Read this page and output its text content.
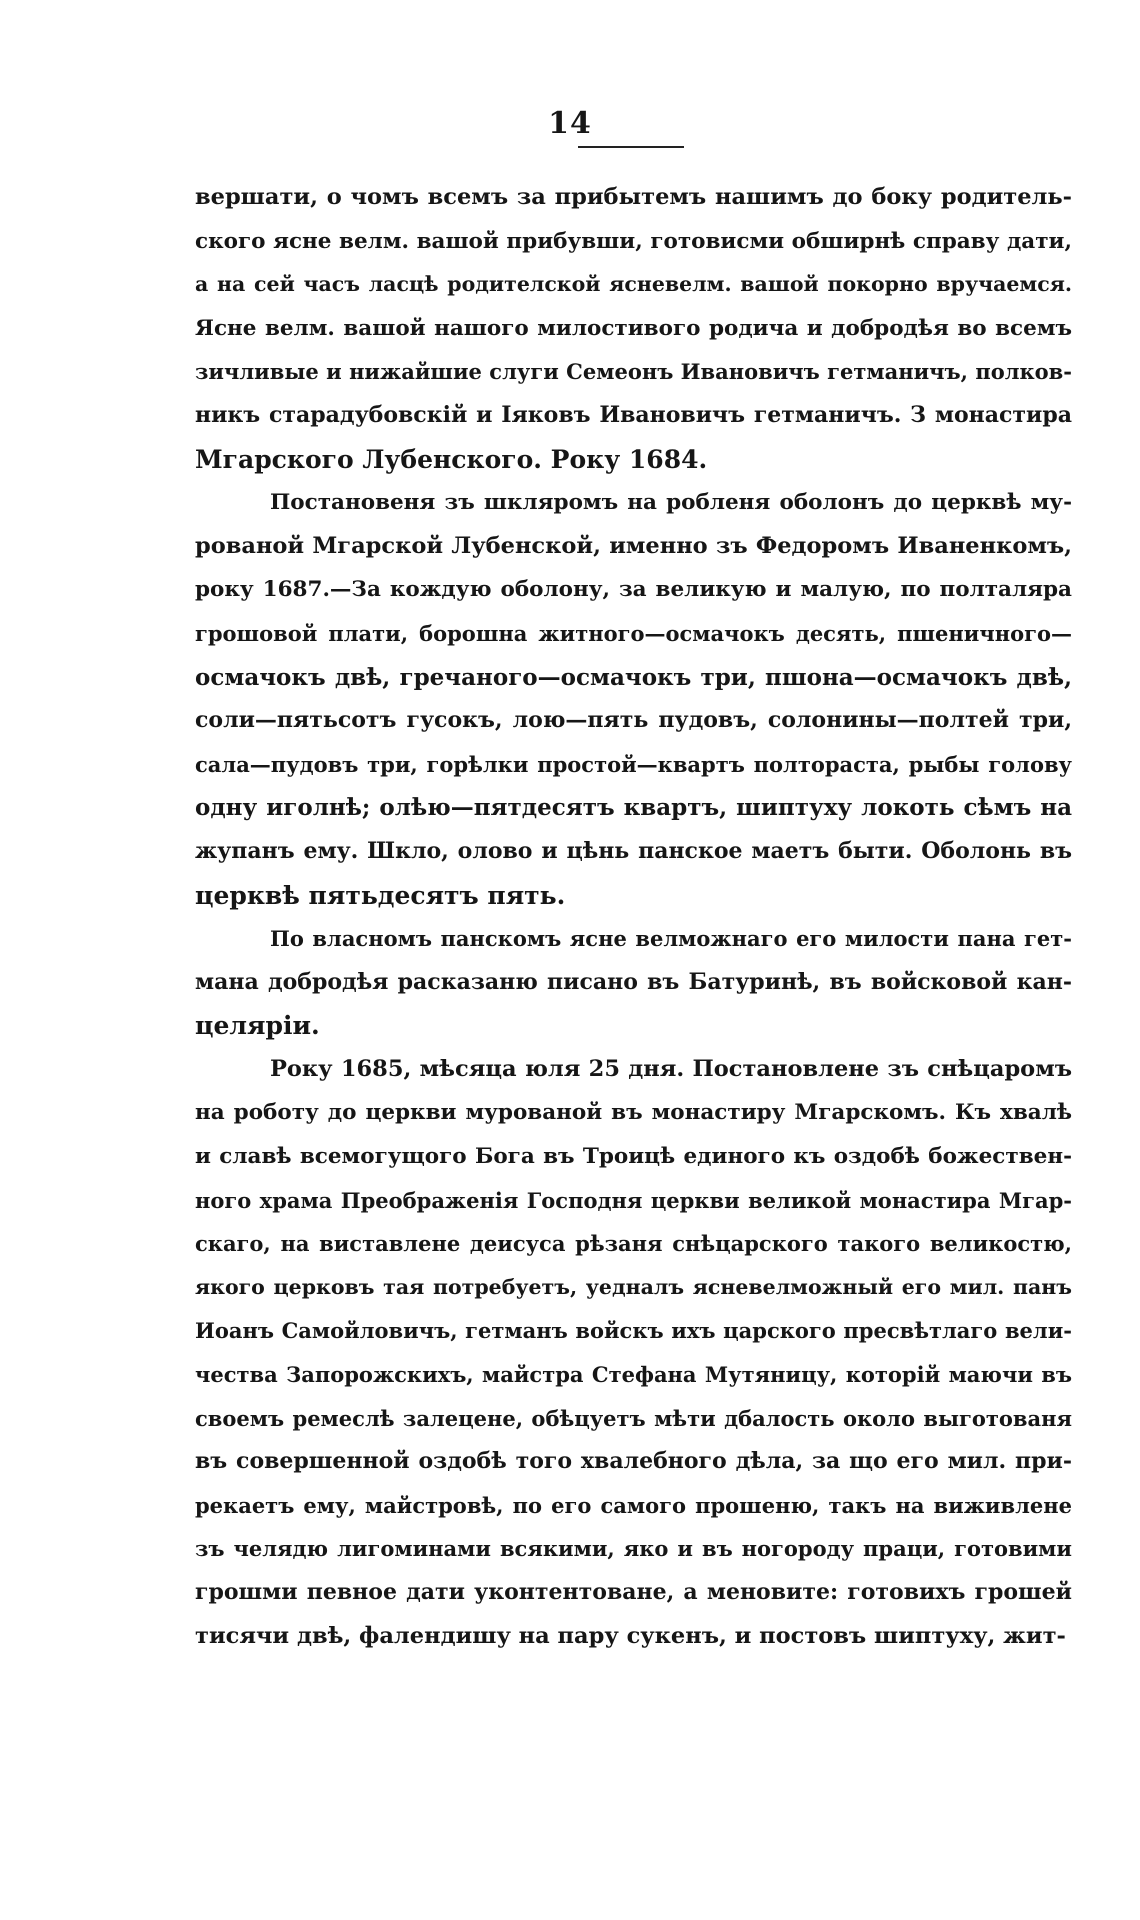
14
вершати, о чомъ всемъ за прибытемъ нашимъ до боку родитель-
ского ясне велм. вашой прибувши, готовисми обширнѣ справу дати,
а на сей часъ ласцѣ родителской ясневелм. вашой покорно вручаемся.
Ясне велм. вашой нашого милостивого родича и добродѣя во всемъ
зичливые и нижайшие слуги Семеонъ Ивановичъ гетманичъ, полков-
никъ старадубовскій и Іяковъ Ивановичъ гетманичъ. З монастира
Мгарского Лубенского. Року 1684.
Постановеня зъ шкляромъ на робленя оболонъ до церквѣ му-
рованой Мгарской Лубенской, именно зъ Федоромъ Иваненкомъ,
року 1687.—За кождую оболону, за великую и малую, по полталяра
грошовой плати, борошна житного—осмачокъ десять, пшеничного—
осмачокъ двѣ, гречаного—осмачокъ три, пшона—осмачокъ двѣ,
соли—пятьсотъ гусокъ, лою—пять пудовъ, солонины—полтей три,
сала—пудовъ три, горѣлки простой—квартъ полтораста, рыбы голову
одну иголнѣ; олѣю—пятдесятъ квартъ, шиптуху локоть сѣмъ на
жупанъ ему. Шкло, олово и цѣнь панское маетъ быти. Оболонь въ
церквѣ пятьдесятъ пять.
По власномъ панскомъ ясне велможнаго его милости пана гет-
мана добродѣя расказаню писано въ Батуринѣ, въ войсковой кан-
целяріи.
Року 1685, мѣсяца юля 25 дня. Постановлене зъ снѣцаромъ
на роботу до церкви мурованой въ монастиру Мгарскомъ. Къ хвалѣ
и славѣ всемогущого Бога въ Троицѣ единого къ оздобѣ божествен-
ного храма Преображенія Господня церкви великой монастира Мгар-
скаго, на виставлене деисуса рѣзаня снѣцарского такого великостю,
якого церковъ тая потребуетъ, уедналъ ясневелможный его мил. панъ
Иоанъ Самойловичъ, гетманъ войскъ ихъ царского пресвѣтлаго вели-
чества Запорожскихъ, майстра Стефана Мутяницу, которій маючи въ
своемъ ремеслѣ залецене, обѣцуетъ мѣти дбалость около выготованя
въ совершенной оздобѣ того хвалебного дѣла, за що его мил. при-
рекаетъ ему, майстровѣ, по его самого прошеню, такъ на виживлене
зъ челядю лигоминами всякими, яко и въ ногороду праци, готовими
грошми певное дати уконтентоване, а меновите: готовихъ грошей
тисячи двѣ, фалендишу на пару сукенъ, и постовъ шиптуху, жит-
